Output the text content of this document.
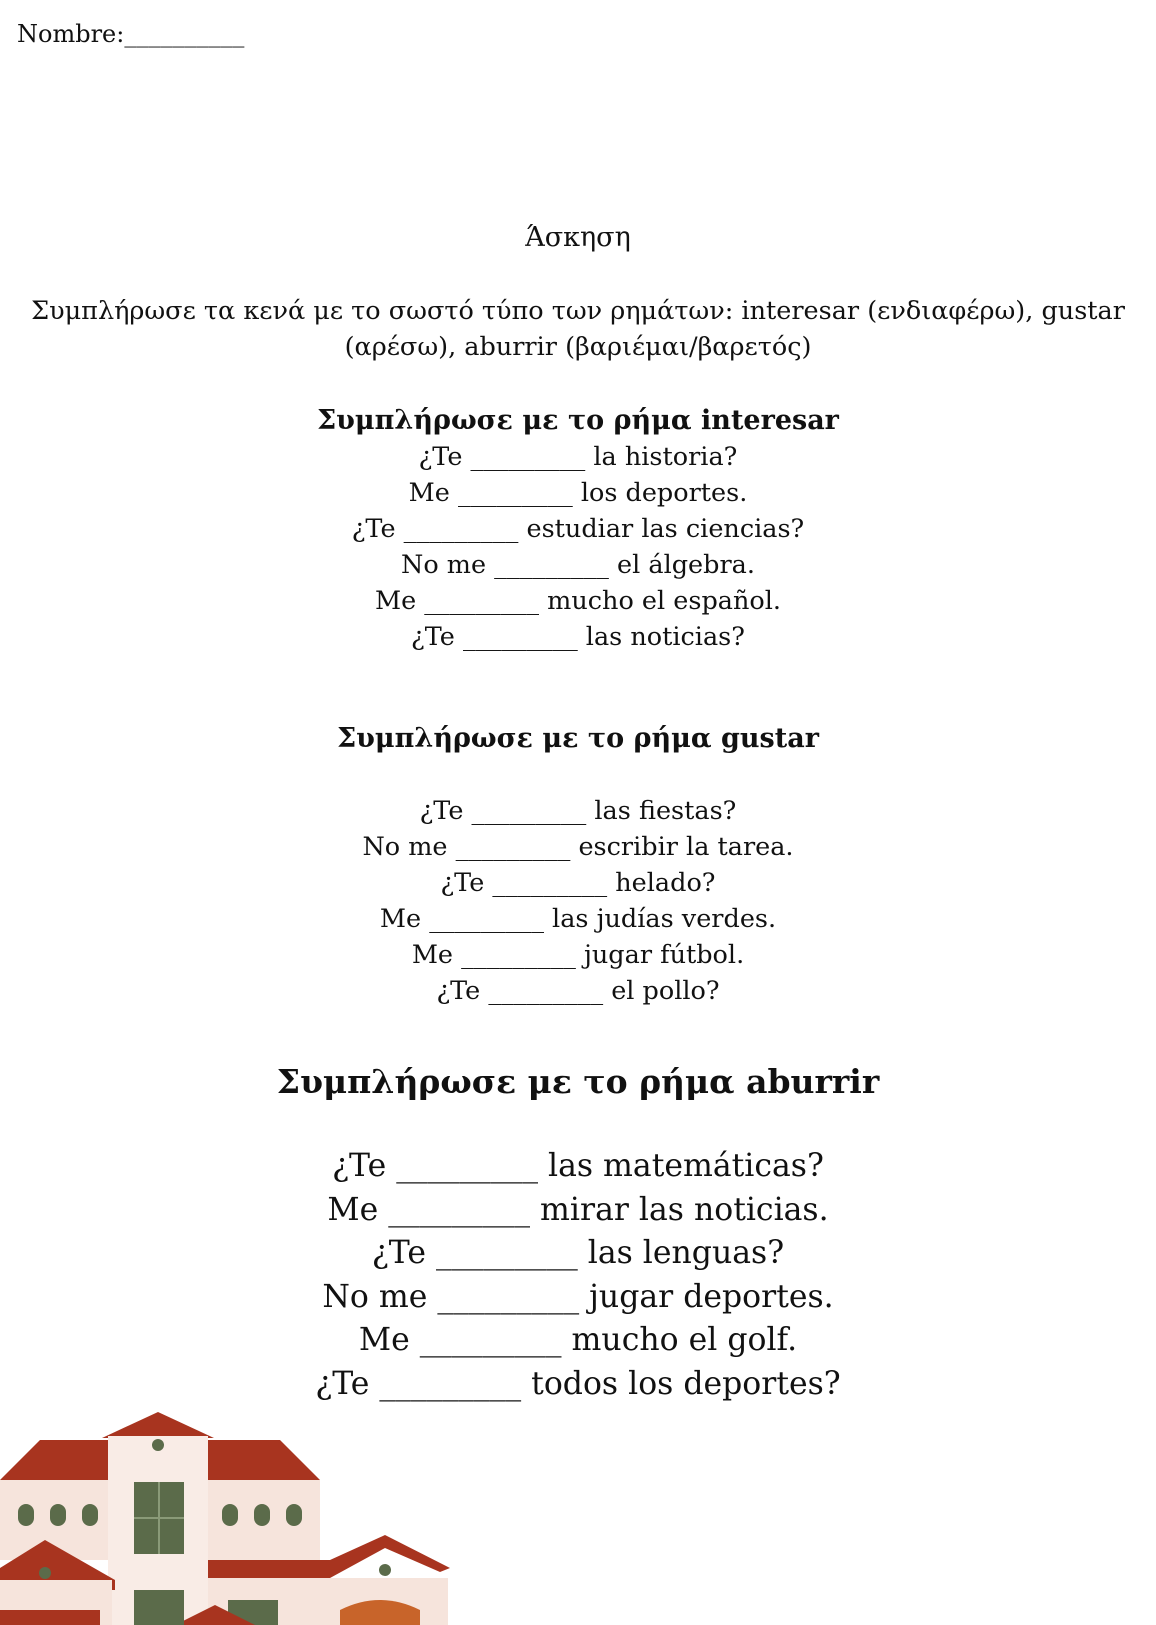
Nombre:__________
Άσκηση
Συμπλήρωσε τα κενά με το σωστό τύπο των ρημάτων: interesar (ενδιαφέρω), gustar (αρέσω), aburrir (βαριέμαι/βαρετός)
Συμπλήρωσε με το ρήμα interesar
¿Te _________ la historia?
Me _________ los deportes.
¿Te _________ estudiar las ciencias?
No me _________ el álgebra.
Me _________ mucho el español.
¿Te _________ las noticias?
Συμπλήρωσε με το ρήμα gustar
¿Te _________ las fiestas?
No me _________ escribir la tarea.
¿Te _________ helado?
Me _________ las judías verdes.
Me _________ jugar fútbol.
¿Te _________ el pollo?
Συμπλήρωσε με το ρήμα aburrir
¿Te _________ las matemáticas?
Me _________ mirar las noticias.
¿Te _________ las lenguas?
No me _________ jugar deportes.
Me _________ mucho el golf.
¿Te _________ todos los deportes?
